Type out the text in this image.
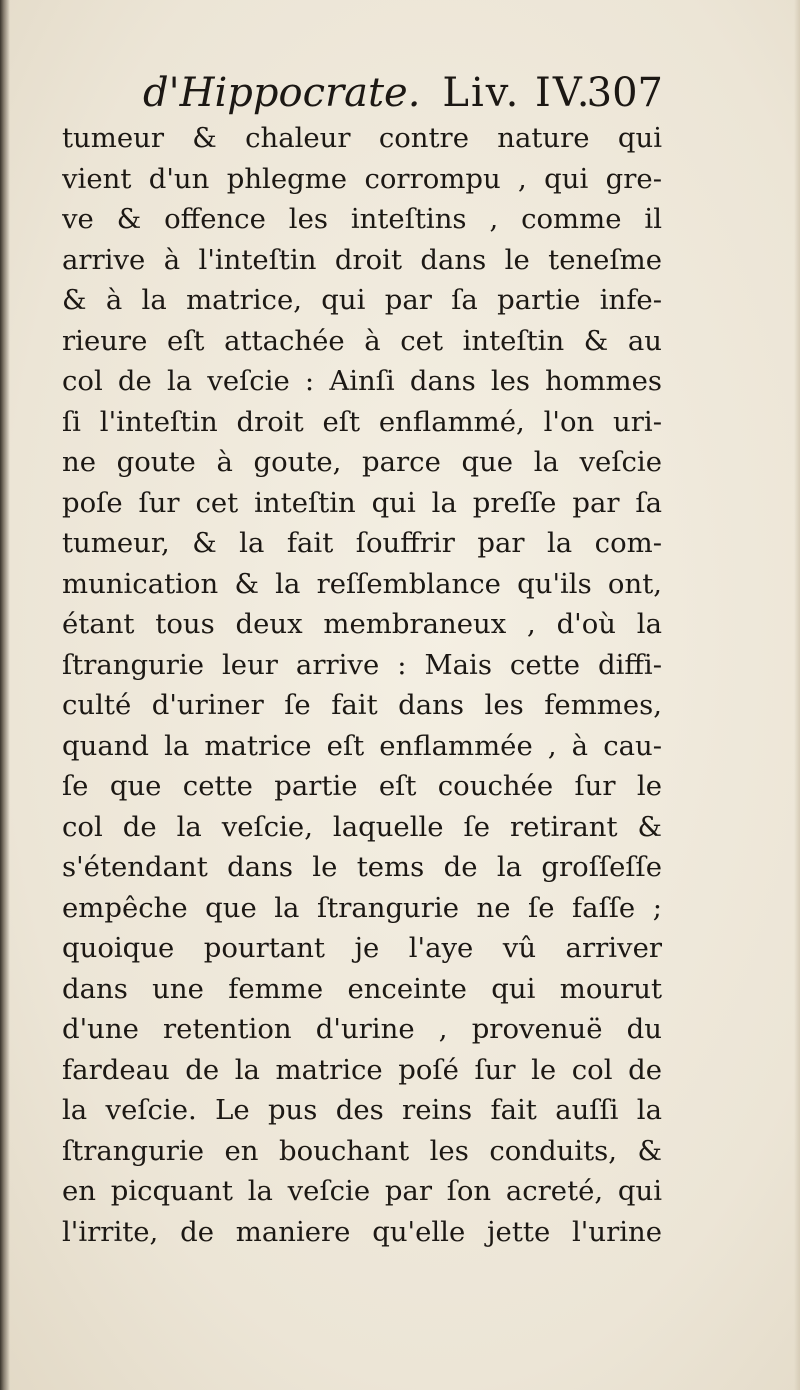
d'Hippocrate. Liv. IV.
307
tumeur & chaleur contre nature qui
vient d'un phlegme corrompu , qui gre-
ve & offence les inteſtins , comme il
arrive à l'inteſtin droit dans le teneſme
& à la matrice, qui par ſa partie infe-
rieure eſt attachée à cet inteſtin & au
col de la veſcie : Ainſi dans les hommes
ſi l'inteſtin droit eſt enflammé, l'on uri-
ne goute à goute, parce que la veſcie
poſe ſur cet inteſtin qui la preſſe par ſa
tumeur, & la fait ſouffrir par la com-
munication & la reſſemblance qu'ils ont,
étant tous deux membraneux , d'où la
ſtrangurie leur arrive : Mais cette diffi-
culté d'uriner ſe fait dans les femmes,
quand la matrice eſt enflammée , à cau-
ſe que cette partie eſt couchée ſur le
col de la veſcie, laquelle ſe retirant &
s'étendant dans le tems de la groſſeſſe
empêche que la ſtrangurie ne ſe faſſe ;
quoique pourtant je l'aye vû arriver
dans une femme enceinte qui mourut
d'une retention d'urine , provenuë du
fardeau de la matrice poſé ſur le col de
la veſcie. Le pus des reins fait auſſi la
ſtrangurie en bouchant les conduits, &
en picquant la veſcie par ſon acreté, qui
l'irrite, de maniere qu'elle jette l'urine
